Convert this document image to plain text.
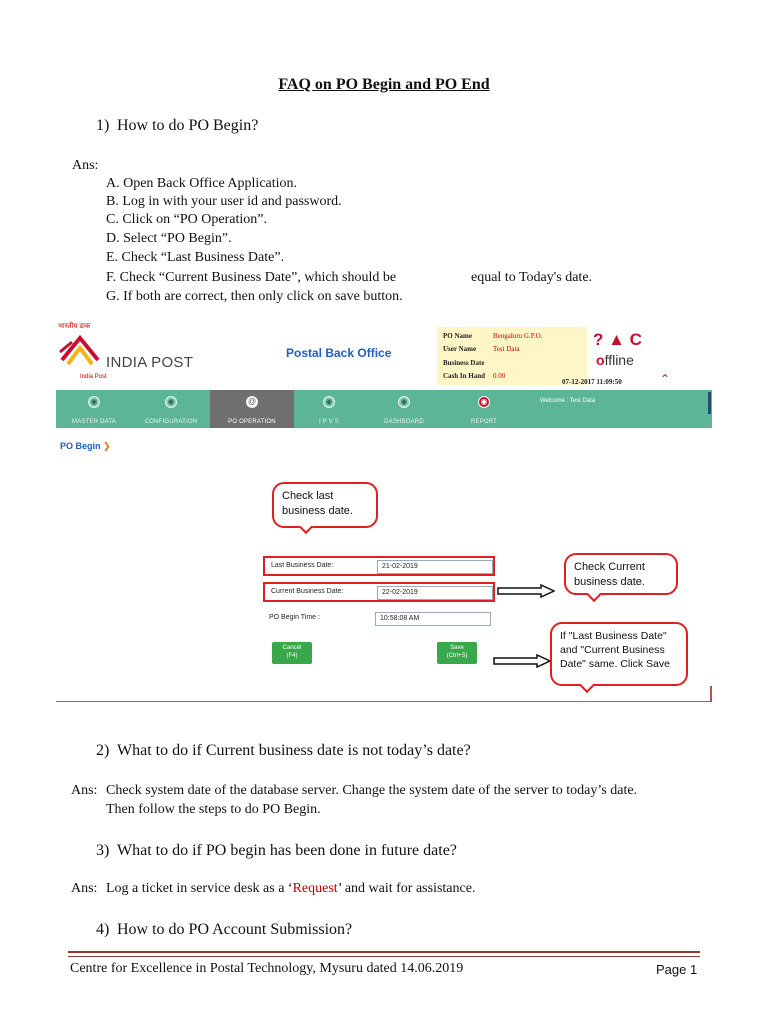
FAQ on PO Begin and PO End
1) How to do PO Begin?
Ans:
A. Open Back Office Application.
B. Log in with your user id and password.
C. Click on “PO Operation”.
D. Select “PO Begin”.
E. Check “Last Business Date”.
F. Check “Current Business Date”, which should be	equal to Today's date.
G. If both are correct, then only click on save button.
भारतीय डाक
INDIA POST
India Post
Postal Back Office
PO Name	Bengaluru G.P.O.
User Name Test Data
Business Date
Cash In Hand 0.00
? ▲ C
offline
07-12-2017 11:09:50	⌃
◉
MASTER DATA
◉
CONFIGURATION
@
PO OPERATION
◉
I P V S
◉
DASHBOARD
◉
REPORT
Welcome : Test Data
PO Begin ❯
Check last business date.
Last Business Date:	21-02-2019
Current Business Date:	22-02-2019
PO Begin Time :	10:58:08 AM
Cancel
(F4)
Save
(Ctrl+S)
Check Current business date.
If "Last Business Date" and "Current Business Date" same. Click Save
2) What to do if Current business date is not today’s date?
Ans: Check system date of the database server. Change the system date of the server to today’s date.
Then follow the steps to do PO Begin.
3) What to do if PO begin has been done in future date?
Ans: Log a ticket in service desk as a ‘Request’ and wait for assistance.
4) How to do PO Account Submission?
Centre for Excellence in Postal Technology, Mysuru dated 14.06.2019	Page 1
